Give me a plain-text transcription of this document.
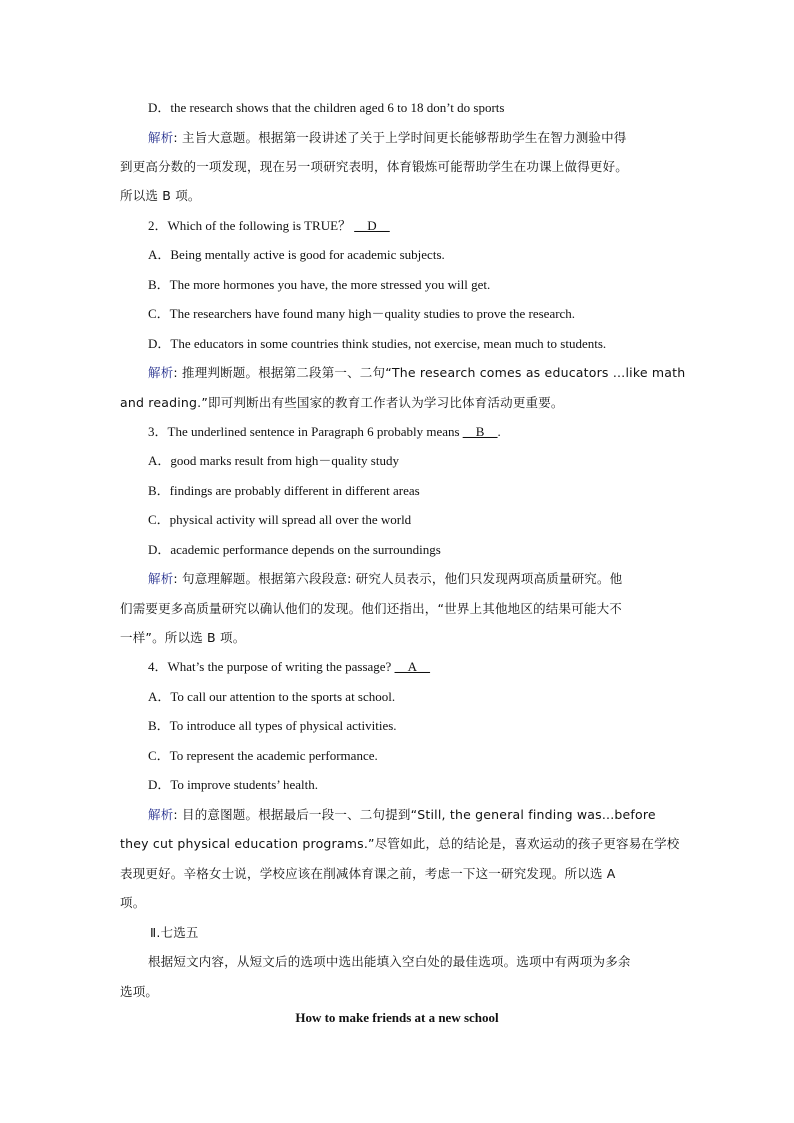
D．the research shows that the children aged 6 to 18 don’t do sports
解析: 主旨大意题。根据第一段讲述了关于上学时间更长能够帮助学生在智力测验中得
到更高分数的一项发现，现在另一项研究表明，体育锻炼可能帮助学生在功课上做得更好。
所以选 B 项。
2．Which of the following is TRUE？ __D__
A．Being mentally active is good for academic subjects.
B．The more hormones you have, the more stressed you will get.
C．The researchers have found many high－quality studies to prove the research.
D．The educators in some countries think studies, not exercise, mean much to students.
解析: 推理判断题。根据第二段第一、二句“The research comes as educators …like math
and reading.”即可判断出有些国家的教育工作者认为学习比体育活动更重要。
3．The underlined sentence in Paragraph 6 probably means __B__.
A．good marks result from high－quality study
B．findings are probably different in different areas
C．physical activity will spread all over the world
D．academic performance depends on the surroundings
解析: 句意理解题。根据第六段段意: 研究人员表示，他们只发现两项高质量研究。他
们需要更多高质量研究以确认他们的发现。他们还指出，“世界上其他地区的结果可能大不
一样”。所以选 B 项。
4．What’s the purpose of writing the passage? __A__
A．To call our attention to the sports at school.
B．To introduce all types of physical activities.
C．To represent the academic performance.
D．To improve students’ health.
解析: 目的意图题。根据最后一段一、二句提到“Still, the general finding was...before
they cut physical education programs.”尽管如此，总的结论是，喜欢运动的孩子更容易在学校
表现更好。辛格女士说，学校应该在削减体育课之前，考虑一下这一研究发现。所以选 A
项。
Ⅱ.七选五
根据短文内容，从短文后的选项中选出能填入空白处的最佳选项。选项中有两项为多余
选项。
How to make friends at a new school
